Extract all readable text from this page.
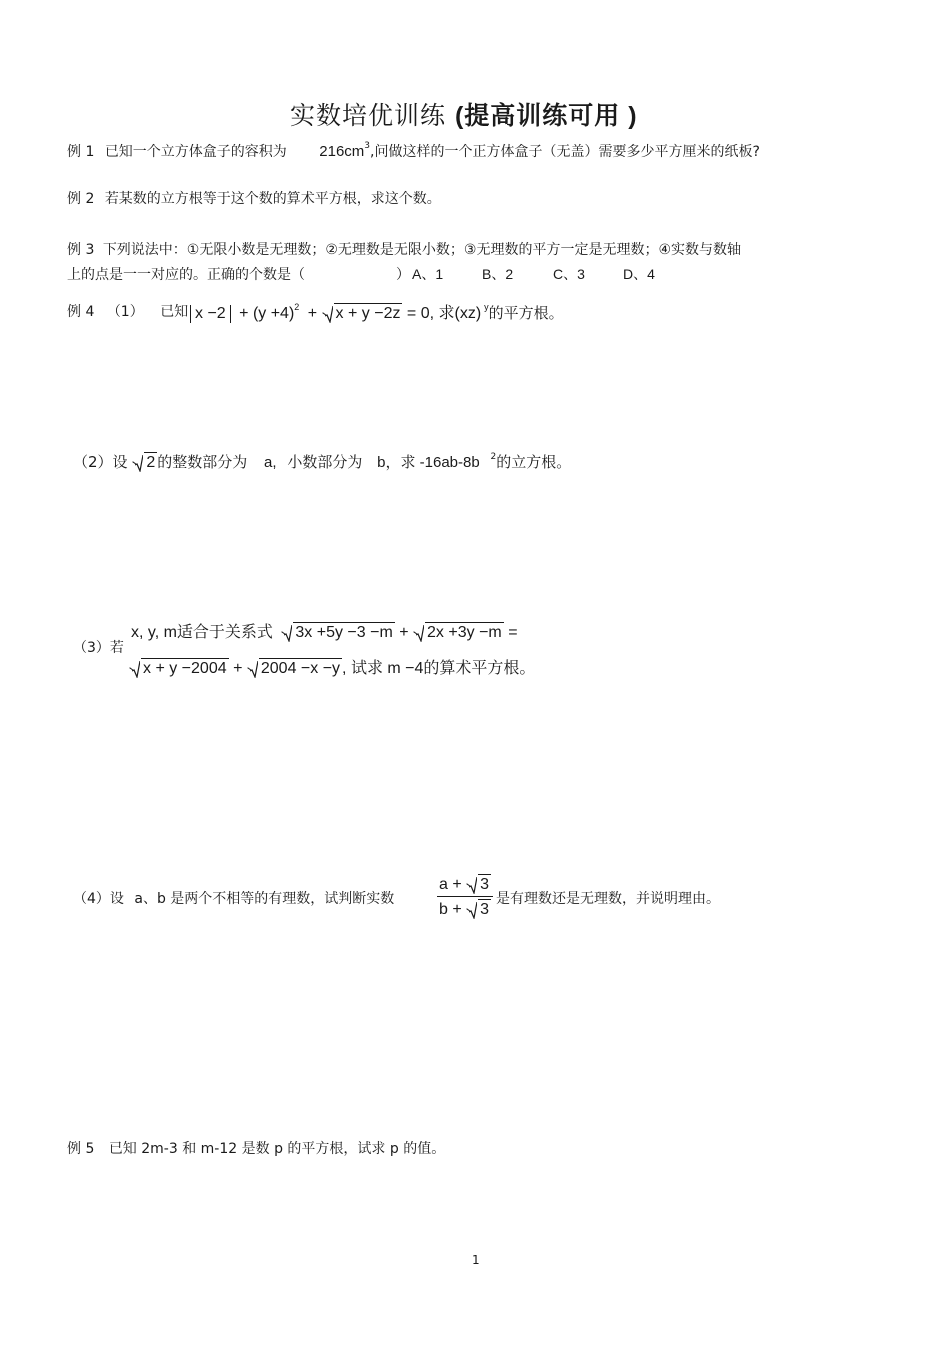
实数培优训练 (提高训练可用 )
例 1 已知一个立方体盒子的容积为 $216cm^3$,问做这样的一个正方体盒子（无盖）需要多少平方厘米的纸板?
例 2 若某数的立方根等于这个数的算术平方根，求这个数。
例 3 下列说法中：①无限小数是无理数；②无理数是无限小数；③无理数的平方一定是无理数；④实数与数轴
上的点是一一对应的。正确的个数是（	） A、1	B、2	C、3	D、4
例 4 （1） 已知 $x -2 + (y +4)^2 + x + y -2z = 0$, 求(xz) $^y$的平方根。
（2）设 2 的整数部分为 a, 小数部分为 b，求 -16ab-8b $^2$的立方根。
（3）若
x, y, m适合于关系式 3x +5y −3 −m + 2x +3y −m =
x + y −2004 + 2004 −x −y , 试求 m −4的算术平方根。
（4）设 a、b 是两个不相等的有理数，试判断实数	$\frac{a + 3}{b + 3}$ 是有理数还是无理数，并说明理由。
例 5 已知 2m-3 和 m-12 是数 p 的平方根，试求 p 的值。
1
